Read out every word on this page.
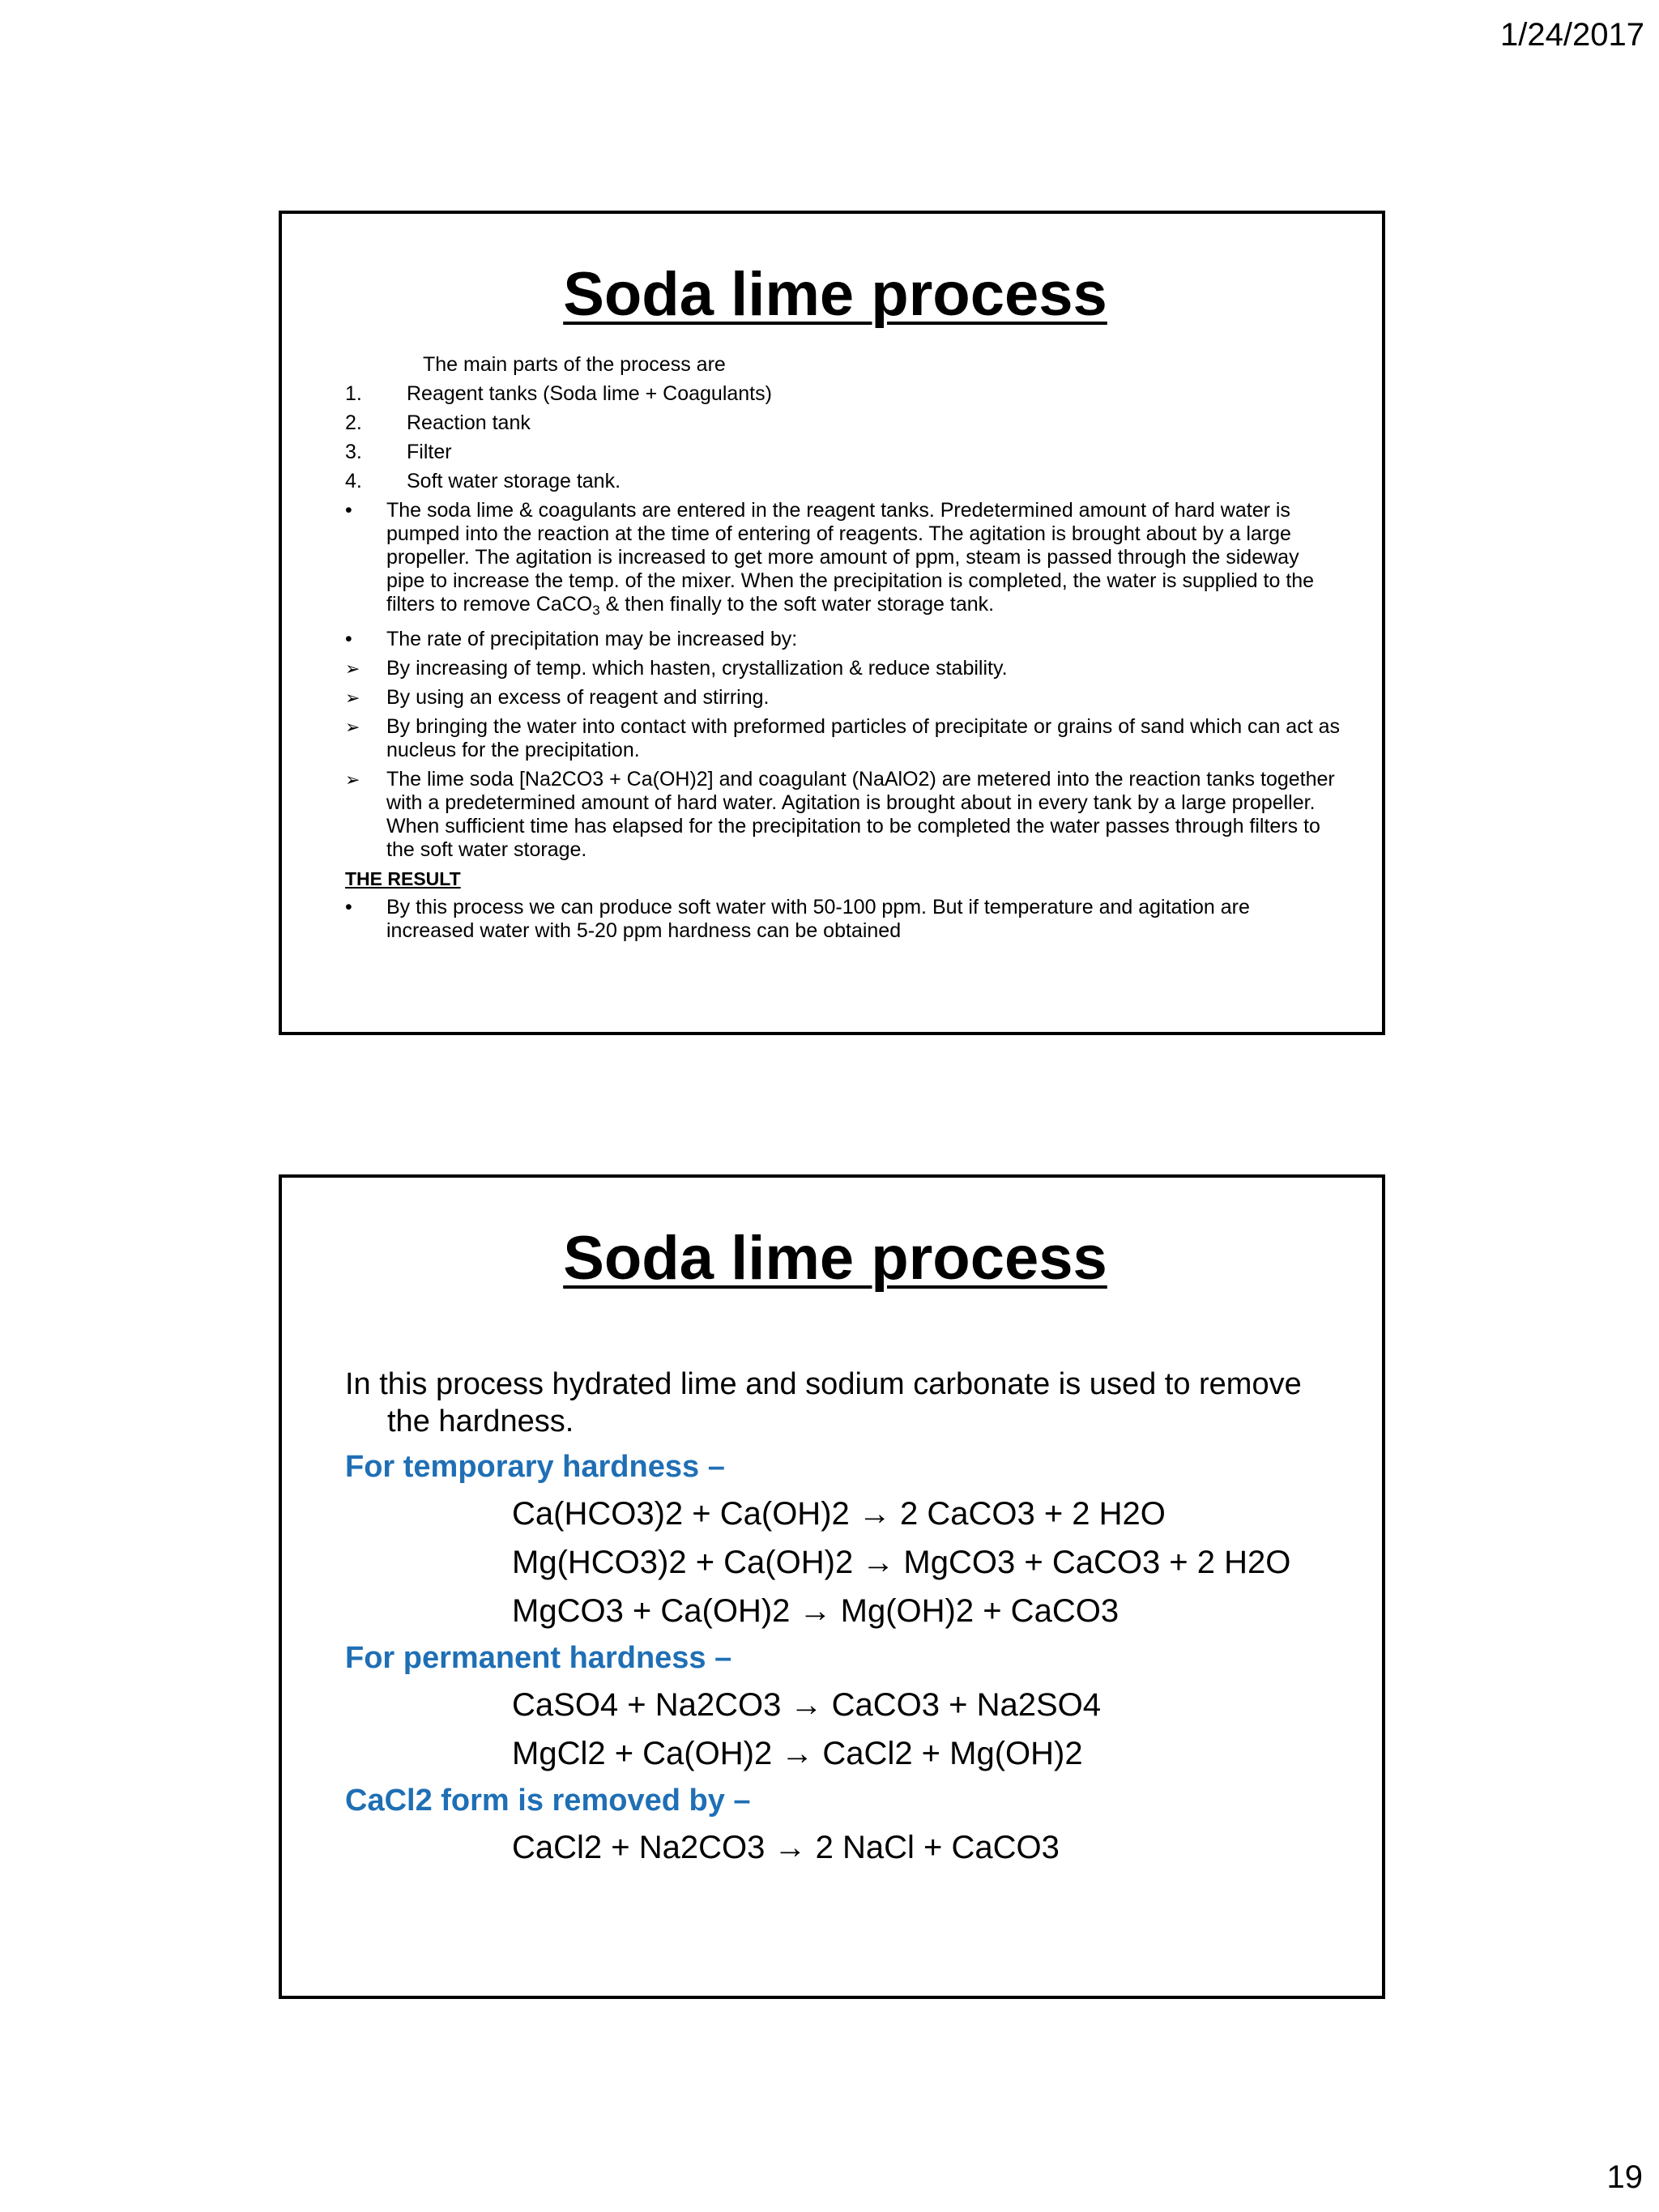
1/24/2017
Soda lime process
The main parts of the process are
1.	Reagent tanks (Soda lime + Coagulants)
2.	Reaction tank
3.	Filter
4.	Soft water storage tank.
•	The soda lime & coagulants are entered in the reagent tanks. Predetermined amount of hard water is pumped into the reaction at the time of entering of reagents. The agitation is brought about by a large propeller. The agitation is increased to get more amount of ppm, steam is passed through the sideway pipe to increase the temp. of the mixer. When the precipitation is completed, the water is supplied to the filters to remove CaCO$_3$ & then finally to the soft water storage tank.
•	The rate of precipitation may be increased by:
➢	By increasing of temp. which hasten, crystallization & reduce stability.
➢	By using an excess of reagent and stirring.
➢	By bringing the water into contact with preformed particles of precipitate or grains of sand which can act as nucleus for the precipitation.
➢	The lime soda [Na2CO3 + Ca(OH)2] and coagulant (NaAlO2) are metered into the reaction tanks together with a predetermined amount of hard water. Agitation is brought about in every tank by a large propeller. When sufficient time has elapsed for the precipitation to be completed the water passes through filters to the soft water storage.
THE RESULT
•	By this process we can produce soft water with 50-100 ppm. But if temperature and agitation are increased water with 5-20 ppm hardness can be obtained
Soda lime process
In this process hydrated lime and sodium carbonate is used to remove the hardness.
For temporary hardness –
Ca(HCO3)2 + Ca(OH)2 → 2 CaCO3 + 2 H2O
Mg(HCO3)2 + Ca(OH)2 → MgCO3 + CaCO3 + 2 H2O
MgCO3 + Ca(OH)2 → Mg(OH)2 + CaCO3
For permanent hardness –
CaSO4 + Na2CO3 → CaCO3 + Na2SO4
MgCl2 + Ca(OH)2 → CaCl2 + Mg(OH)2
CaCl2 form is removed by –
CaCl2 + Na2CO3 → 2 NaCl + CaCO3
19
